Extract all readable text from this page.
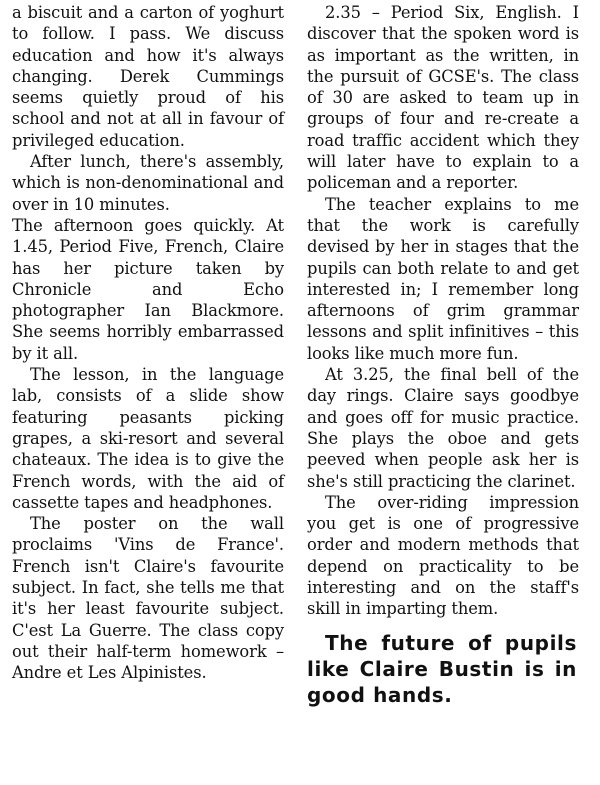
a biscuit and a carton of yoghurt to follow. I pass. We discuss education and how it's always changing. Derek Cummings seems quietly proud of his school and not at all in favour of privileged education.

After lunch, there's assembly, which is non-denominational and over in 10 minutes.

The afternoon goes quickly. At 1.45, Period Five, French, Claire has her picture taken by Chronicle and Echo photographer Ian Blackmore. She seems horribly embarrassed by it all.

The lesson, in the language lab, consists of a slide show featuring peasants picking grapes, a ski-resort and several chateaux. The idea is to give the French words, with the aid of cassette tapes and headphones.

The poster on the wall proclaims 'Vins de France'. French isn't Claire's favourite subject. In fact, she tells me that it's her least favourite subject. C'est La Guerre. The class copy out their half-term homework – Andre et Les Alpinistes.

2.35 – Period Six, English. I discover that the spoken word is as important as the written, in the pursuit of GCSE's. The class of 30 are asked to team up in groups of four and re-create a road traffic accident which they will later have to explain to a policeman and a reporter.

The teacher explains to me that the work is carefully devised by her in stages that the pupils can both relate to and get interested in; I remember long afternoons of grim grammar lessons and split infinitives – this looks like much more fun.

At 3.25, the final bell of the day rings. Claire says goodbye and goes off for music practice. She plays the oboe and gets peeved when people ask her is she's still practicing the clarinet.

The over-riding impression you get is one of progressive order and modern methods that depend on practicality to be interesting and on the staff's skill in imparting them.

The future of pupils like Claire Bustin is in good hands.
